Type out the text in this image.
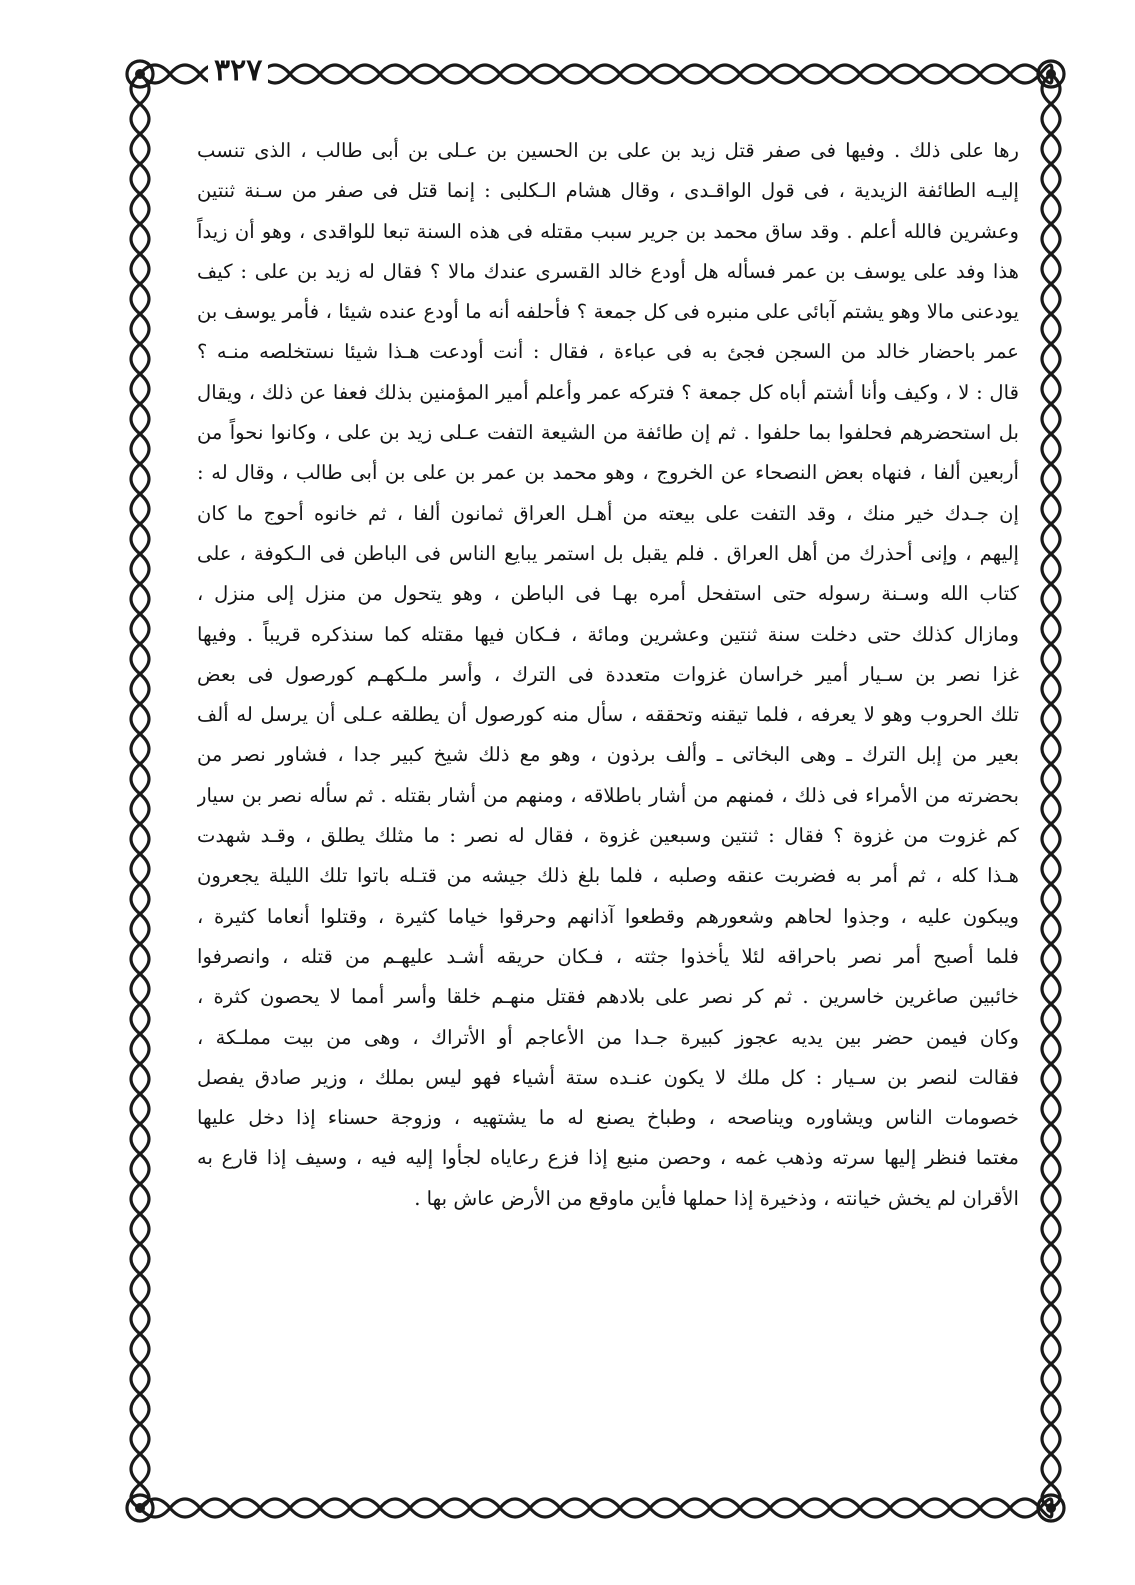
٣٢٧
رها على ذلك . وفيها فى صفر قتل زيد بن على بن الحسين بن عـلى بن أبى طالب ، الذى تنسب
إليـه الطائفة الزيدية ، فى قول الواقـدى ، وقال هشام الـكلبى : إنما قتل فى صفر من سـنة ثنتين
وعشرين فالله أعلم . وقد ساق محمد بن جرير سبب مقتله فى هذه السنة تبعا للواقدى ، وهو أن زيداً
هذا وفد على يوسف بن عمر فسأله هل أودع خالد القسرى عندك مالا ؟ فقال له زيد بن على : كيف
يودعنى مالا وهو يشتم آبائى على منبره فى كل جمعة ؟ فأحلفه أنه ما أودع عنده شيئا ، فأمر يوسف بن
عمر باحضار خالد من السجن فجئ به فى عباءة ، فقال : أنت أودعت هـذا شيئا نستخلصه منـه ؟
قال : لا ، وكيف وأنا أشتم أباه كل جمعة ؟ فتركه عمر وأعلم أمير المؤمنين بذلك فعفا عن ذلك ، ويقال
بل استحضرهم فحلفوا بما حلفوا . ثم إن طائفة من الشيعة التفت عـلى زيد بن على ، وكانوا نحواً من
أربعين ألفا ، فنهاه بعض النصحاء عن الخروج ، وهو محمد بن عمر بن على بن أبى طالب ، وقال له :
إن جـدك خير منك ، وقد التفت على بيعته من أهـل العراق ثمانون ألفا ، ثم خانوه أحوج ما كان
إليهم ، وإنى أحذرك من أهل العراق . فلم يقبل بل استمر يبايع الناس فى الباطن فى الـكوفة ، على
كتاب الله وسـنة رسوله حتى استفحل أمره بهـا فى الباطن ، وهو يتحول من منزل إلى منزل ،
ومازال كذلك حتى دخلت سنة ثنتين وعشرين ومائة ، فـكان فيها مقتله كما سنذكره قريباً . وفيها
غزا نصر بن سـيار أمير خراسان غزوات متعددة فى الترك ، وأسر ملـكهـم كورصول فى بعض
تلك الحروب وهو لا يعرفه ، فلما تيقنه وتحققه ، سأل منه كورصول أن يطلقه عـلى أن يرسل له ألف
بعير من إبل الترك ـ وهى البخاتى ـ وألف برذون ، وهو مع ذلك شيخ كبير جدا ، فشاور نصر من
بحضرته من الأمراء فى ذلك ، فمنهم من أشار باطلاقه ، ومنهم من أشار بقتله . ثم سأله نصر بن سيار
كم غزوت من غزوة ؟ فقال : ثنتين وسبعين غزوة ، فقال له نصر : ما مثلك يطلق ، وقـد شهدت
هـذا كله ، ثم أمر به فضربت عنقه وصلبه ، فلما بلغ ذلك جيشه من قتـله باتوا تلك الليلة يجعرون
ويبكون عليه ، وجذوا لحاهم وشعورهم وقطعوا آذانهم وحرقوا خياما كثيرة ، وقتلوا أنعاما كثيرة ،
فلما أصبح أمر نصر باحراقه لئلا يأخذوا جثته ، فـكان حريقه أشـد عليهـم من قتله ، وانصرفوا
خائبين صاغرين خاسرين . ثم كر نصر على بلادهم فقتل منهـم خلقا وأسر أمما لا يحصون كثرة ،
وكان فيمن حضر بين يديه عجوز كبيرة جـدا من الأعاجم أو الأتراك ، وهى من بيت مملـكة ،
فقالت لنصر بن سـيار : كل ملك لا يكون عنـده ستة أشياء فهو ليس بملك ، وزير صادق يفصل
خصومات الناس ويشاوره ويناصحه ، وطباخ يصنع له ما يشتهيه ، وزوجة حسناء إذا دخل عليها
مغتما فنظر إليها سرته وذهب غمه ، وحصن منيع إذا فزع رعاياه لجأوا إليه فيه ، وسيف إذا قارع به
الأقران لم يخش خيانته ، وذخيرة إذا حملها فأين ماوقع من الأرض عاش بها .
